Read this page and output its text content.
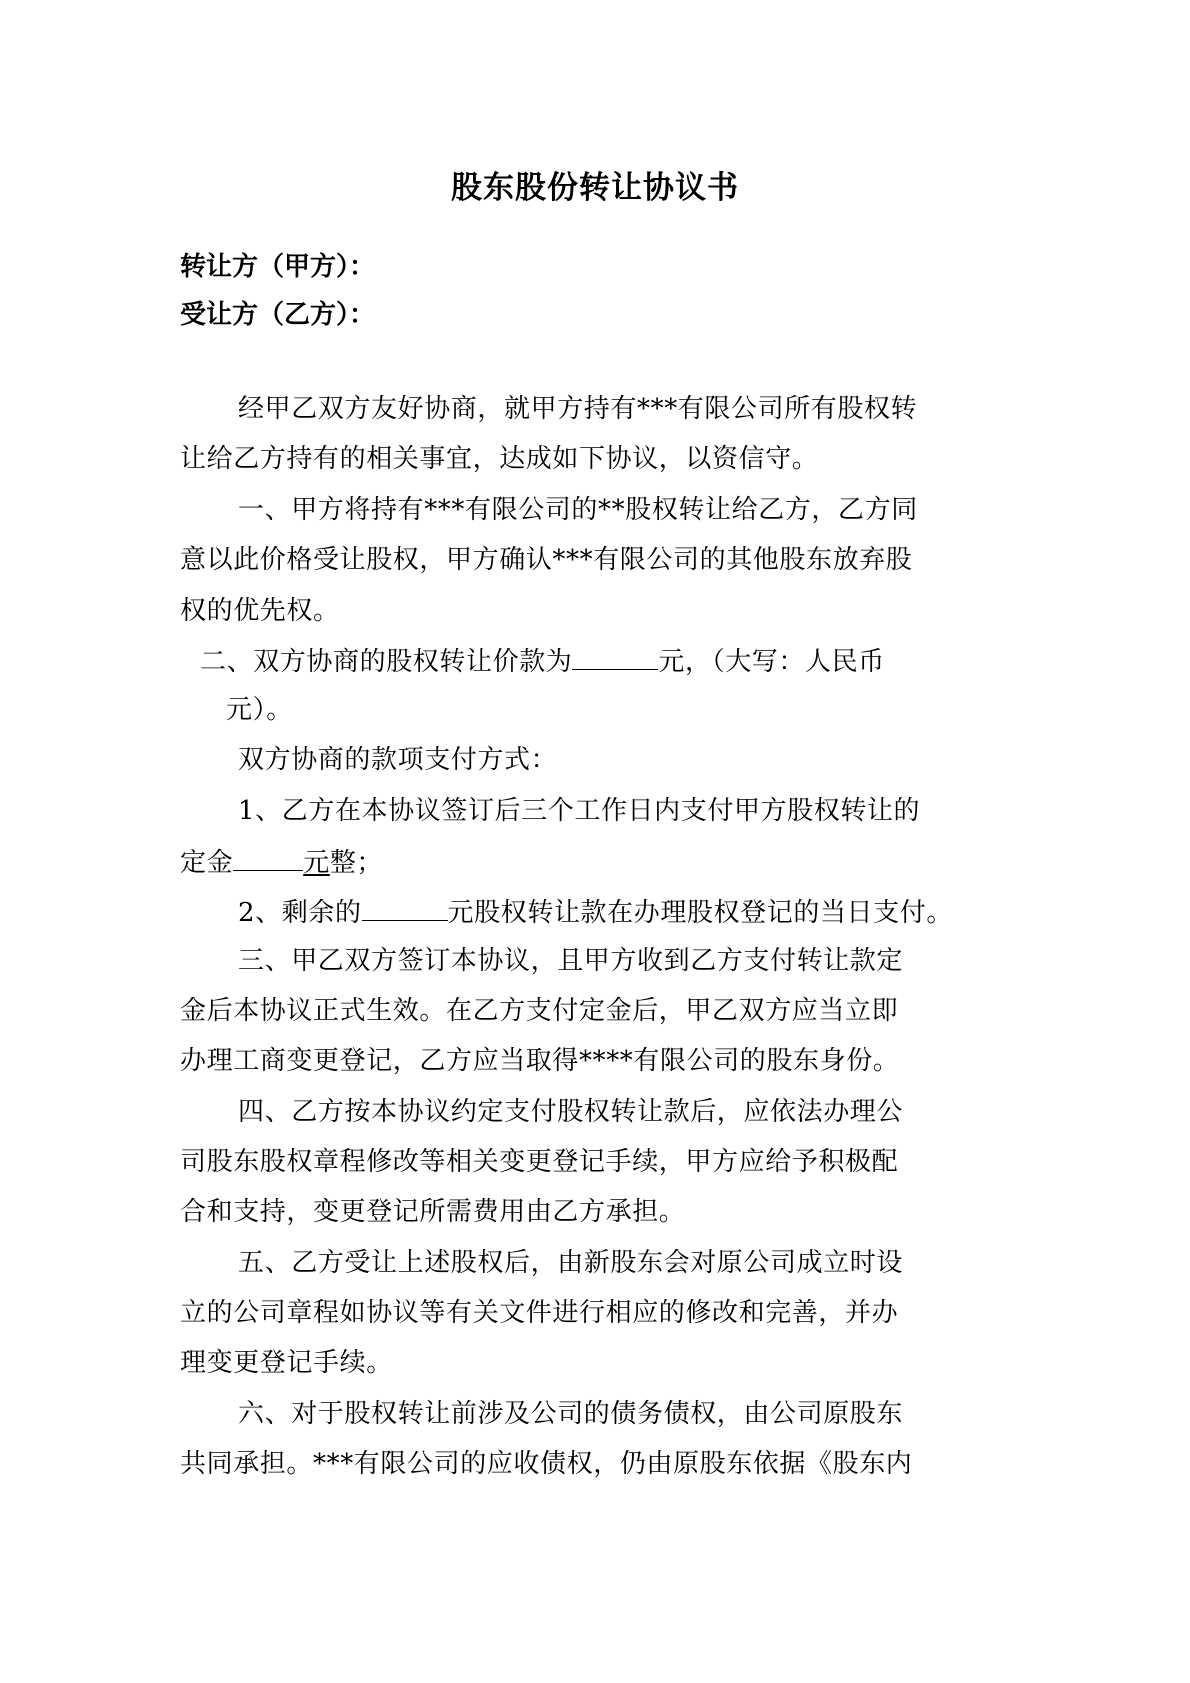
股东股份转让协议书
转让方（甲方）：
受让方（乙方）：
经甲乙双方友好协商，就甲方持有***有限公司所有股权转
让给乙方持有的相关事宜，达成如下协议，以资信守。
一、甲方将持有***有限公司的**股权转让给乙方，乙方同
意以此价格受让股权，甲方确认***有限公司的其他股东放弃股
权的优先权。
二、双方协商的股权转让价款为	元，（大写：人民币
元）。
双方协商的款项支付方式：
1、乙方在本协议签订后三个工作日内支付甲方股权转让的
定金	元整；
2、剩余的	元股权转让款在办理股权登记的当日支付。
三、甲乙双方签订本协议，且甲方收到乙方支付转让款定
金后本协议正式生效。在乙方支付定金后，甲乙双方应当立即
办理工商变更登记，乙方应当取得****有限公司的股东身份。
四、乙方按本协议约定支付股权转让款后，应依法办理公
司股东股权章程修改等相关变更登记手续，甲方应给予积极配
合和支持，变更登记所需费用由乙方承担。
五、乙方受让上述股权后，由新股东会对原公司成立时设
立的公司章程如协议等有关文件进行相应的修改和完善，并办
理变更登记手续。
六、对于股权转让前涉及公司的债务债权，由公司原股东
共同承担。***有限公司的应收债权，仍由原股东依据《股东内
